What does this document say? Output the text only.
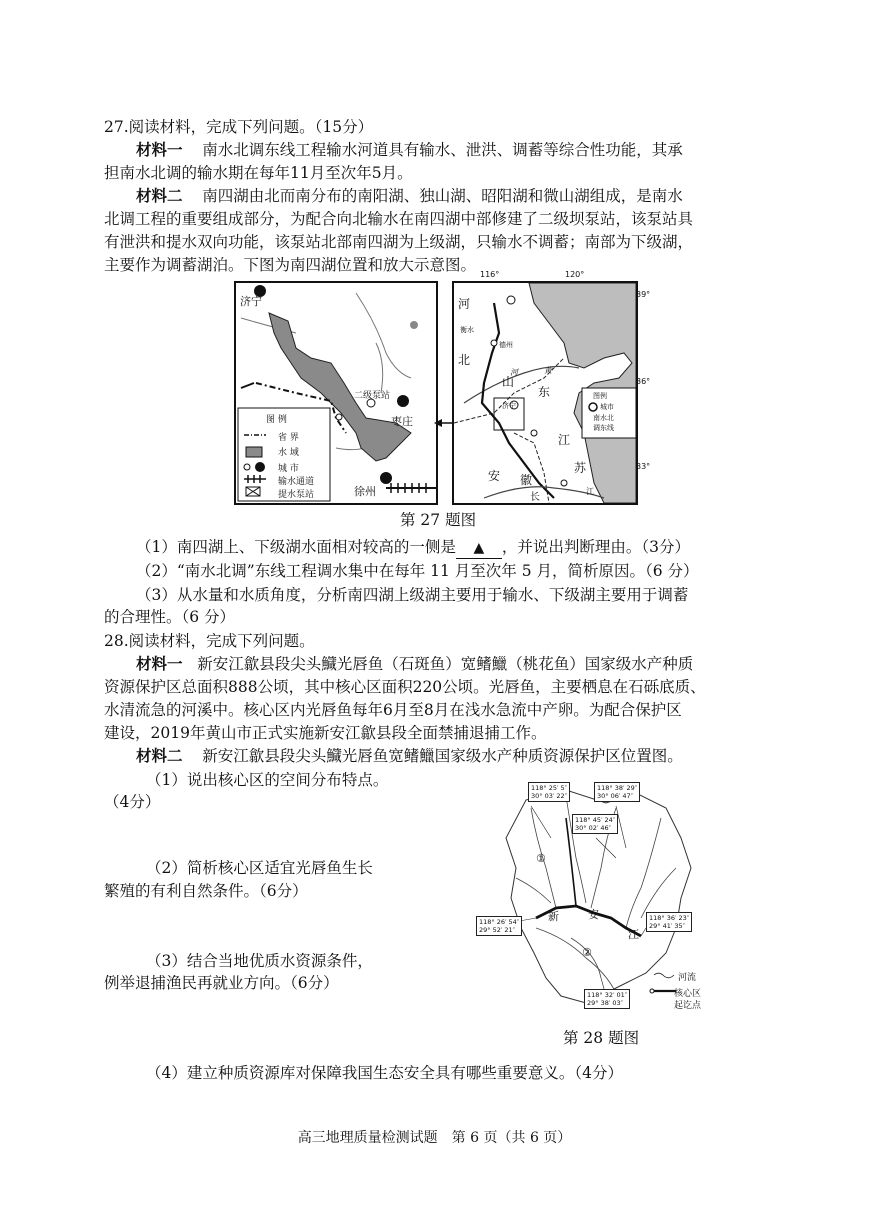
27.阅读材料，完成下列问题。（15分）
材料一 南水北调东线工程输水河道具有输水、泄洪、调蓄等综合性功能，其承
担南水北调的输水期在每年11月至次年5月。
材料二 南四湖由北而南分布的南阳湖、独山湖、昭阳湖和微山湖组成，是南水
北调工程的重要组成部分，为配合向北输水在南四湖中部修建了二级坝泵站，该泵站具
有泄洪和提水双向功能，该泵站北部南四湖为上级湖，只输水不调蓄；南部为下级湖，
主要作为调蓄湖泊。下图为南四湖位置和放大示意图。
济宁
枣庄
徐州
二级泵站
图 例
省 界
水 域
城 市
输水通道
提水泵站
河
北
衡水
德州
山
东
济宁
江
苏
安 徽
长
江
河	黄
图例
城市
南水北
调东线
116°	120°
39°
36°
33°
第 27 题图
（1）南四湖上、下级湖水面相对较高的一侧是 ▲ ，并说出判断理由。（3分）
（2）“南水北调”东线工程调水集中在每年 11 月至次年 5 月，简析原因。（6 分）
（3）从水量和水质角度，分析南四湖上级湖主要用于输水、下级湖主要用于调蓄
的合理性。（6 分）
28.阅读材料，完成下列问题。
材料一 新安江歙县段尖头鱵光唇鱼（石斑鱼）宽鳍鱲（桃花鱼）国家级水产种质
资源保护区总面积888公顷，其中核心区面积220公顷。光唇鱼，主要栖息在石砾底质、
水清流急的河溪中。核心区内光唇鱼每年6月至8月在浅水急流中产卵。为配合保护区
建设，2019年黄山市正式实施新安江歙县段全面禁捕退捕工作。
材料二 新安江歙县段尖头鱵光唇鱼宽鳍鱲国家级水产种质资源保护区位置图。
（1）说出核心区的空间分布特点。
（4分）
（2）简析核心区适宜光唇鱼生长
繁殖的有利自然条件。（6分）
（3）结合当地优质水资源条件，
例举退捕渔民再就业方向。（6分）
118° 25′ 5″
30° 03′ 22″
118° 38′ 29″
30° 06′ 47″
118° 45′ 24″
30° 02′ 46″
118° 26′ 54″
29° 52′ 21″
118° 36′ 23″
29° 41′ 35″
118° 32′ 01″
29° 38′ 03″
新	安
江
①
②
河流
核心区
起讫点
第 28 题图
（4）建立种质资源库对保障我国生态安全具有哪些重要意义。（4分）
高三地理质量检测试题　第 6 页（共 6 页）
